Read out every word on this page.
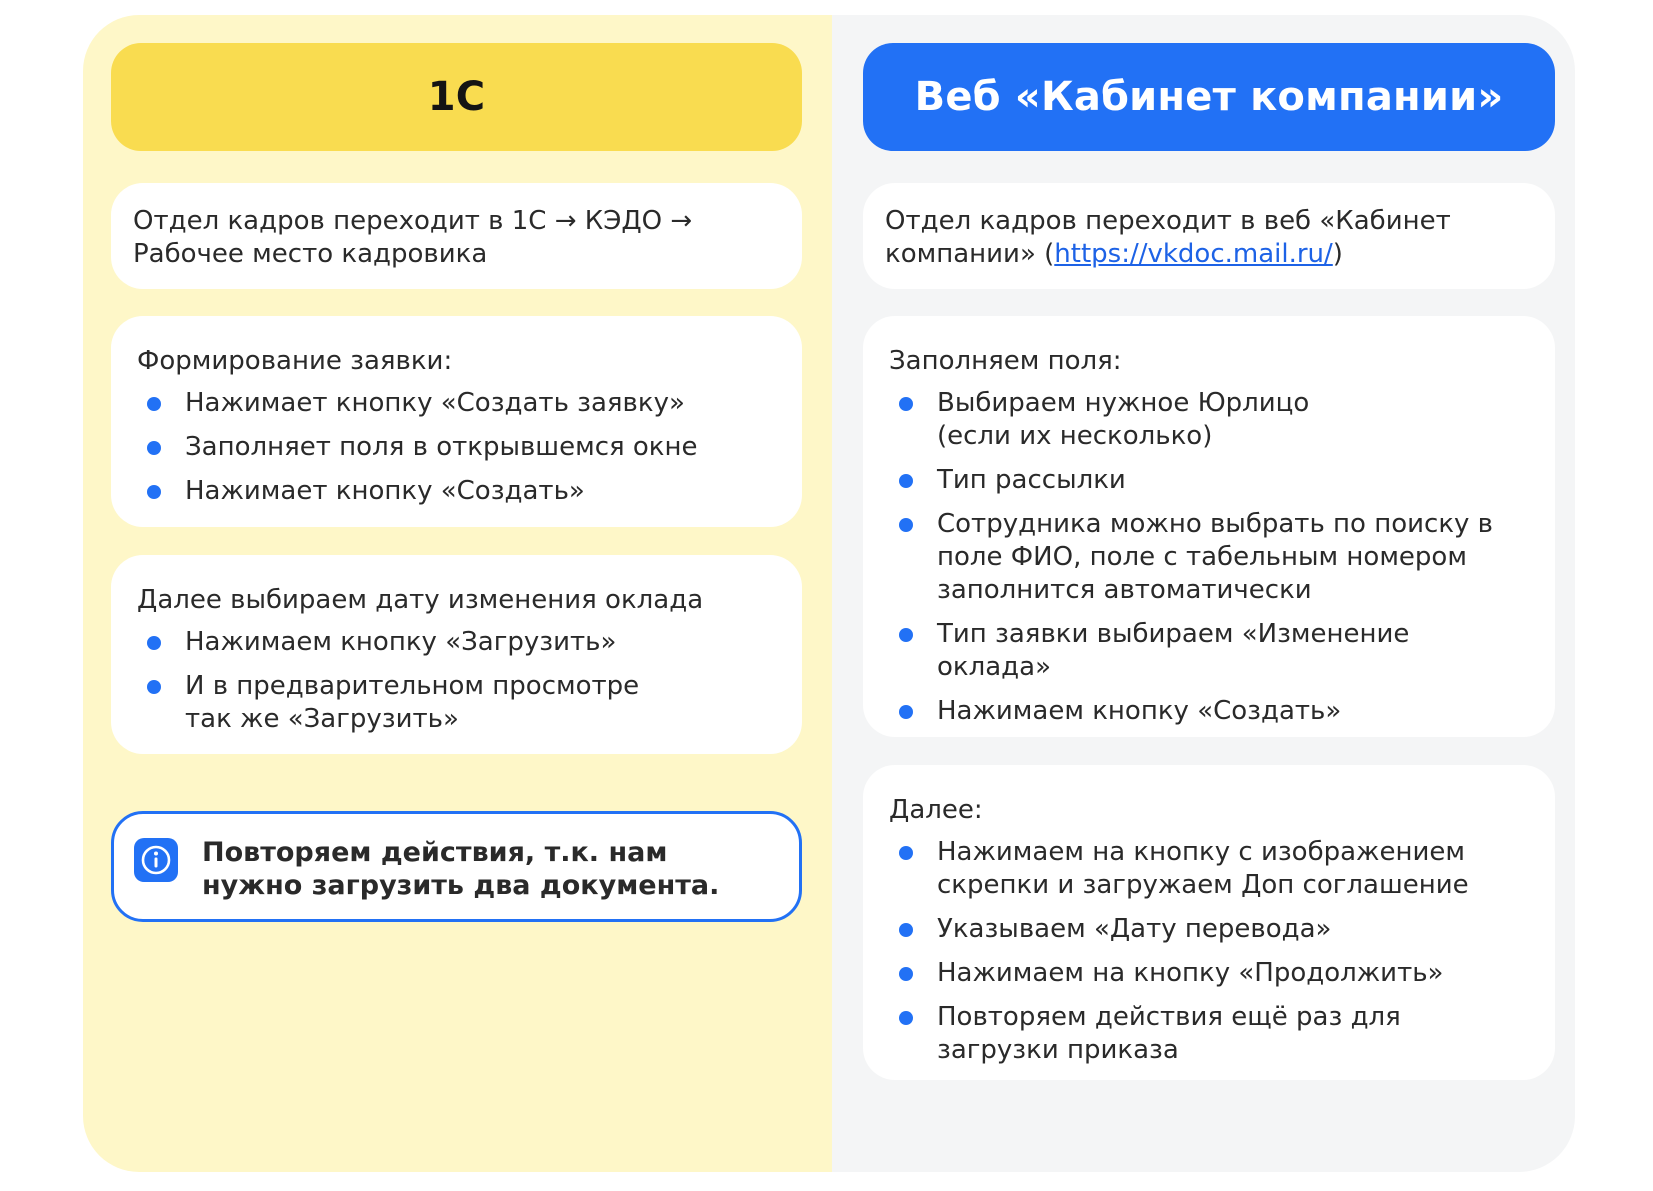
1С
Отдел кадров переходит в 1С → КЭДО → Рабочее место кадровика
Формирование заявки:
Нажимает кнопку «Создать заявку»
Заполняет поля в открывшемся окне
Нажимает кнопку «Создать»
Далее выбираем дату изменения оклада
Нажимаем кнопку «Загрузить»
И в предварительном просмотре так же «Загрузить»
Повторяем действия, т.к. нам нужно загрузить два документа.
Веб «Кабинет компании»
Отдел кадров переходит в веб «Кабинет компании» (https://vkdoc.mail.ru/)
Заполняем поля:
Выбираем нужное Юрлицо (если их несколько)
Тип рассылки
Сотрудника можно выбрать по поиску в поле ФИО, поле с табельным номером заполнится автоматически
Тип заявки выбираем «Изменение оклада»
Нажимаем кнопку «Создать»
Далее:
Нажимаем на кнопку с изображением скрепки и загружаем Доп соглашение
Указываем «Дату перевода»
Нажимаем на кнопку «Продолжить»
Повторяем действия ещё раз для загрузки приказа
